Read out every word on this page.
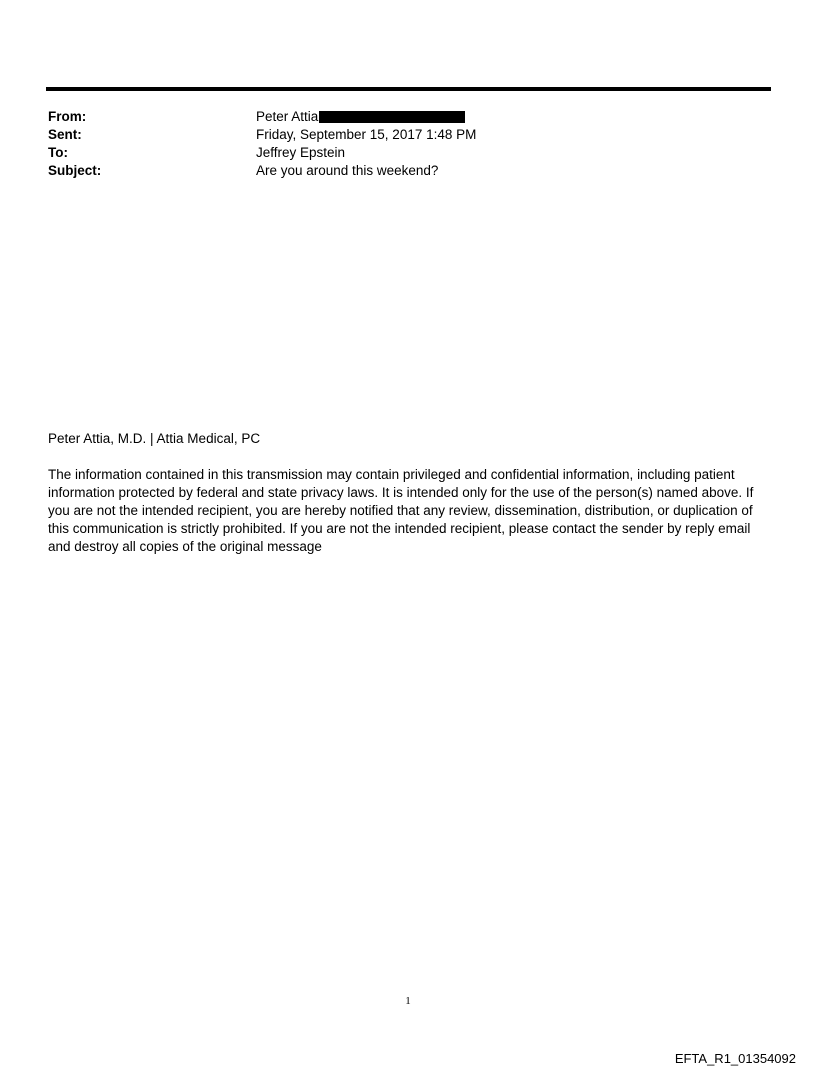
From:	Peter Attia
Sent:	Friday, September 15, 2017 1:48 PM
To:	Jeffrey Epstein
Subject:	Are you around this weekend?
Peter Attia, M.D. | Attia Medical, PC
The information contained in this transmission may contain privileged and confidential information, including patient information protected by federal and state privacy laws. It is intended only for the use of the person(s) named above. If you are not the intended recipient, you are hereby notified that any review, dissemination, distribution, or duplication of this communication is strictly prohibited. If you are not the intended recipient, please contact the sender by reply email and destroy all copies of the original message
1
EFTA_R1_01354092
